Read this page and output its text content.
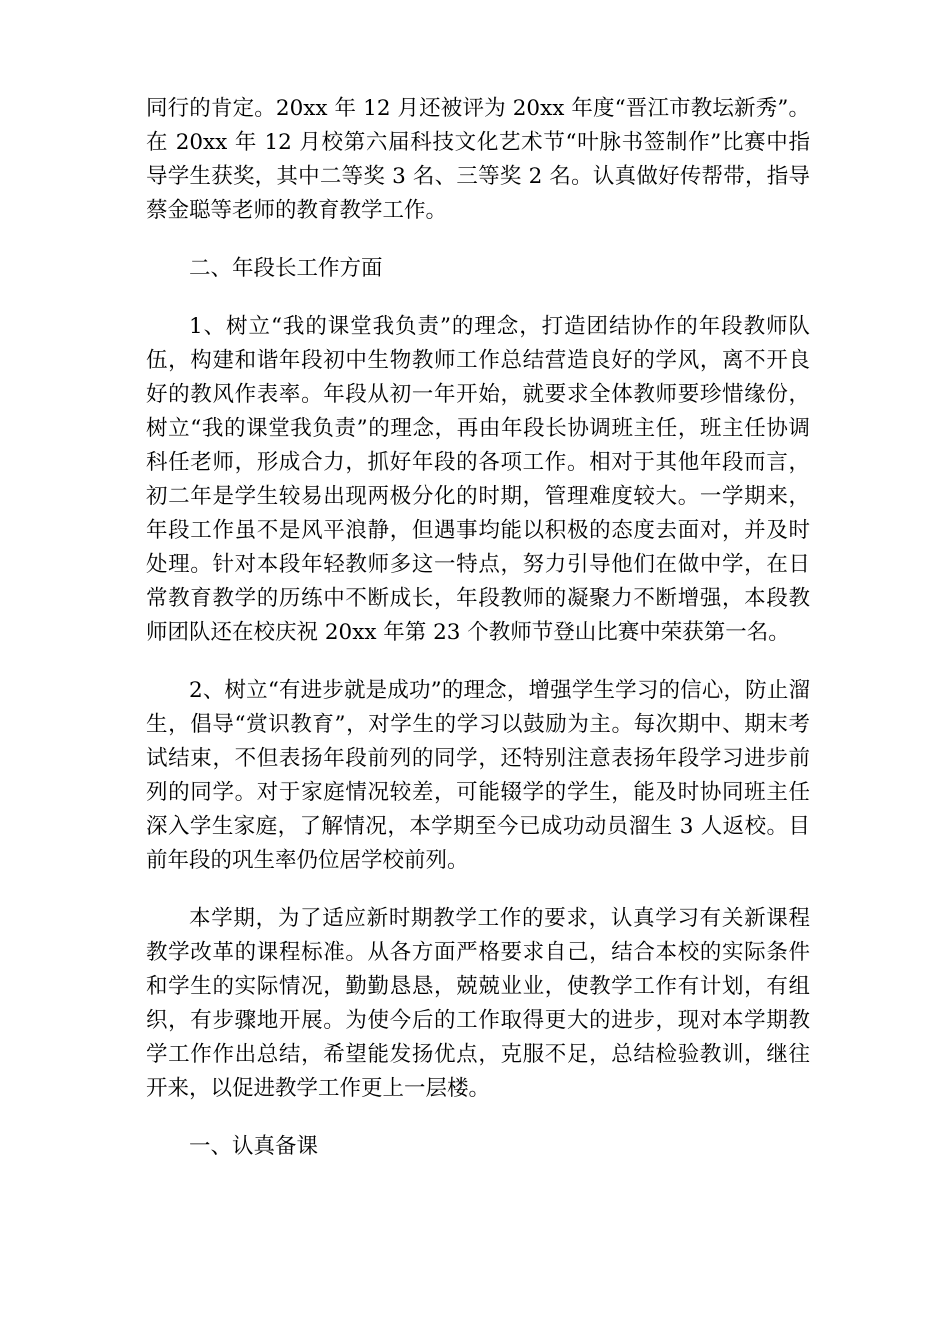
同行的肯定。20xx 年 12 月还被评为 20xx 年度“晋江市教坛新秀”。在 20xx 年 12 月校第六届科技文化艺术节“叶脉书签制作”比赛中指导学生获奖，其中二等奖 3 名、三等奖 2 名。认真做好传帮带，指导蔡金聪等老师的教育教学工作。

二、年段长工作方面

1、树立“我的课堂我负责”的理念，打造团结协作的年段教师队伍，构建和谐年段初中生物教师工作总结营造良好的学风，离不开良好的教风作表率。年段从初一年开始，就要求全体教师要珍惜缘份，树立“我的课堂我负责”的理念，再由年段长协调班主任，班主任协调科任老师，形成合力，抓好年段的各项工作。相对于其他年段而言，初二年是学生较易出现两极分化的时期，管理难度较大。一学期来，年段工作虽不是风平浪静，但遇事均能以积极的态度去面对，并及时处理。针对本段年轻教师多这一特点，努力引导他们在做中学，在日常教育教学的历练中不断成长，年段教师的凝聚力不断增强，本段教师团队还在校庆祝 20xx 年第 23 个教师节登山比赛中荣获第一名。

2、树立“有进步就是成功”的理念，增强学生学习的信心，防止溜生，倡导“赏识教育”，对学生的学习以鼓励为主。每次期中、期末考试结束，不但表扬年段前列的同学，还特别注意表扬年段学习进步前列的同学。对于家庭情况较差，可能辍学的学生，能及时协同班主任深入学生家庭，了解情况，本学期至今已成功动员溜生 3 人返校。目前年段的巩生率仍位居学校前列。

本学期，为了适应新时期教学工作的要求，认真学习有关新课程教学改革的课程标准。从各方面严格要求自己，结合本校的实际条件和学生的实际情况，勤勤恳恳，兢兢业业，使教学工作有计划，有组织，有步骤地开展。为使今后的工作取得更大的进步，现对本学期教学工作作出总结，希望能发扬优点，克服不足，总结检验教训，继往开来，以促进教学工作更上一层楼。

一、认真备课
